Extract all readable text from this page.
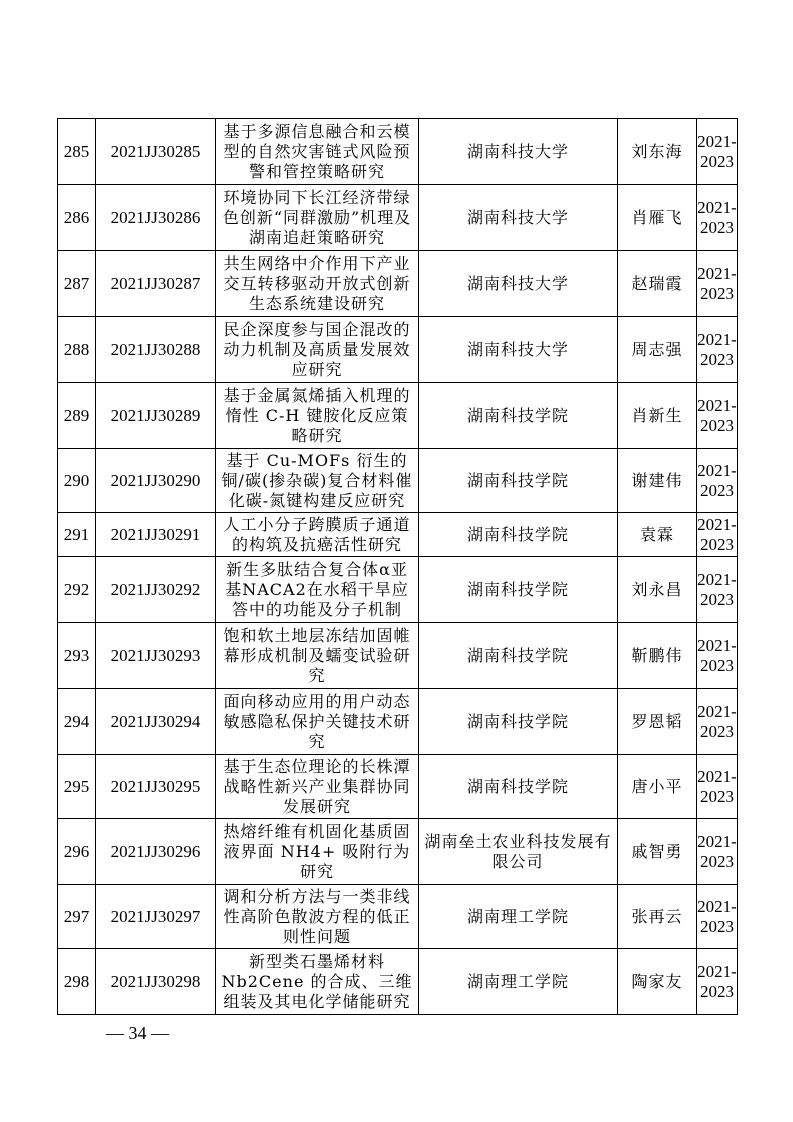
285	2021JJ30285	基于多源信息融合和云模型的自然灾害链式风险预警和管控策略研究	湖南科技大学	刘东海	2021-2023
286	2021JJ30286	环境协同下长江经济带绿色创新“同群激励”机理及湖南追赶策略研究	湖南科技大学	肖雁飞	2021-2023
287	2021JJ30287	共生网络中介作用下产业交互转移驱动开放式创新生态系统建设研究	湖南科技大学	赵瑞霞	2021-2023
288	2021JJ30288	民企深度参与国企混改的动力机制及高质量发展效应研究	湖南科技大学	周志强	2021-2023
289	2021JJ30289	基于金属氮烯插入机理的惰性 C-H 键胺化反应策略研究	湖南科技学院	肖新生	2021-2023
290	2021JJ30290	基于 Cu-MOFs 衍生的铜/碳(掺杂碳)复合材料催化碳-氮键构建反应研究	湖南科技学院	谢建伟	2021-2023
291	2021JJ30291	人工小分子跨膜质子通道的构筑及抗癌活性研究	湖南科技学院	袁霖	2021-2023
292	2021JJ30292	新生多肽结合复合体α亚基NACA2在水稻干旱应答中的功能及分子机制	湖南科技学院	刘永昌	2021-2023
293	2021JJ30293	饱和软土地层冻结加固帷幕形成机制及蠕变试验研究	湖南科技学院	靳鹏伟	2021-2023
294	2021JJ30294	面向移动应用的用户动态敏感隐私保护关键技术研究	湖南科技学院	罗恩韬	2021-2023
295	2021JJ30295	基于生态位理论的长株潭战略性新兴产业集群协同发展研究	湖南科技学院	唐小平	2021-2023
296	2021JJ30296	热熔纤维有机固化基质固液界面 NH4+ 吸附行为研究	湖南垒土农业科技发展有限公司	戚智勇	2021-2023
297	2021JJ30297	调和分析方法与一类非线性高阶色散波方程的低正则性问题	湖南理工学院	张再云	2021-2023
298	2021JJ30298	新型类石墨烯材料 Nb2Cene 的合成、三维组装及其电化学储能研究	湖南理工学院	陶家友	2021-2023
— 34 —
